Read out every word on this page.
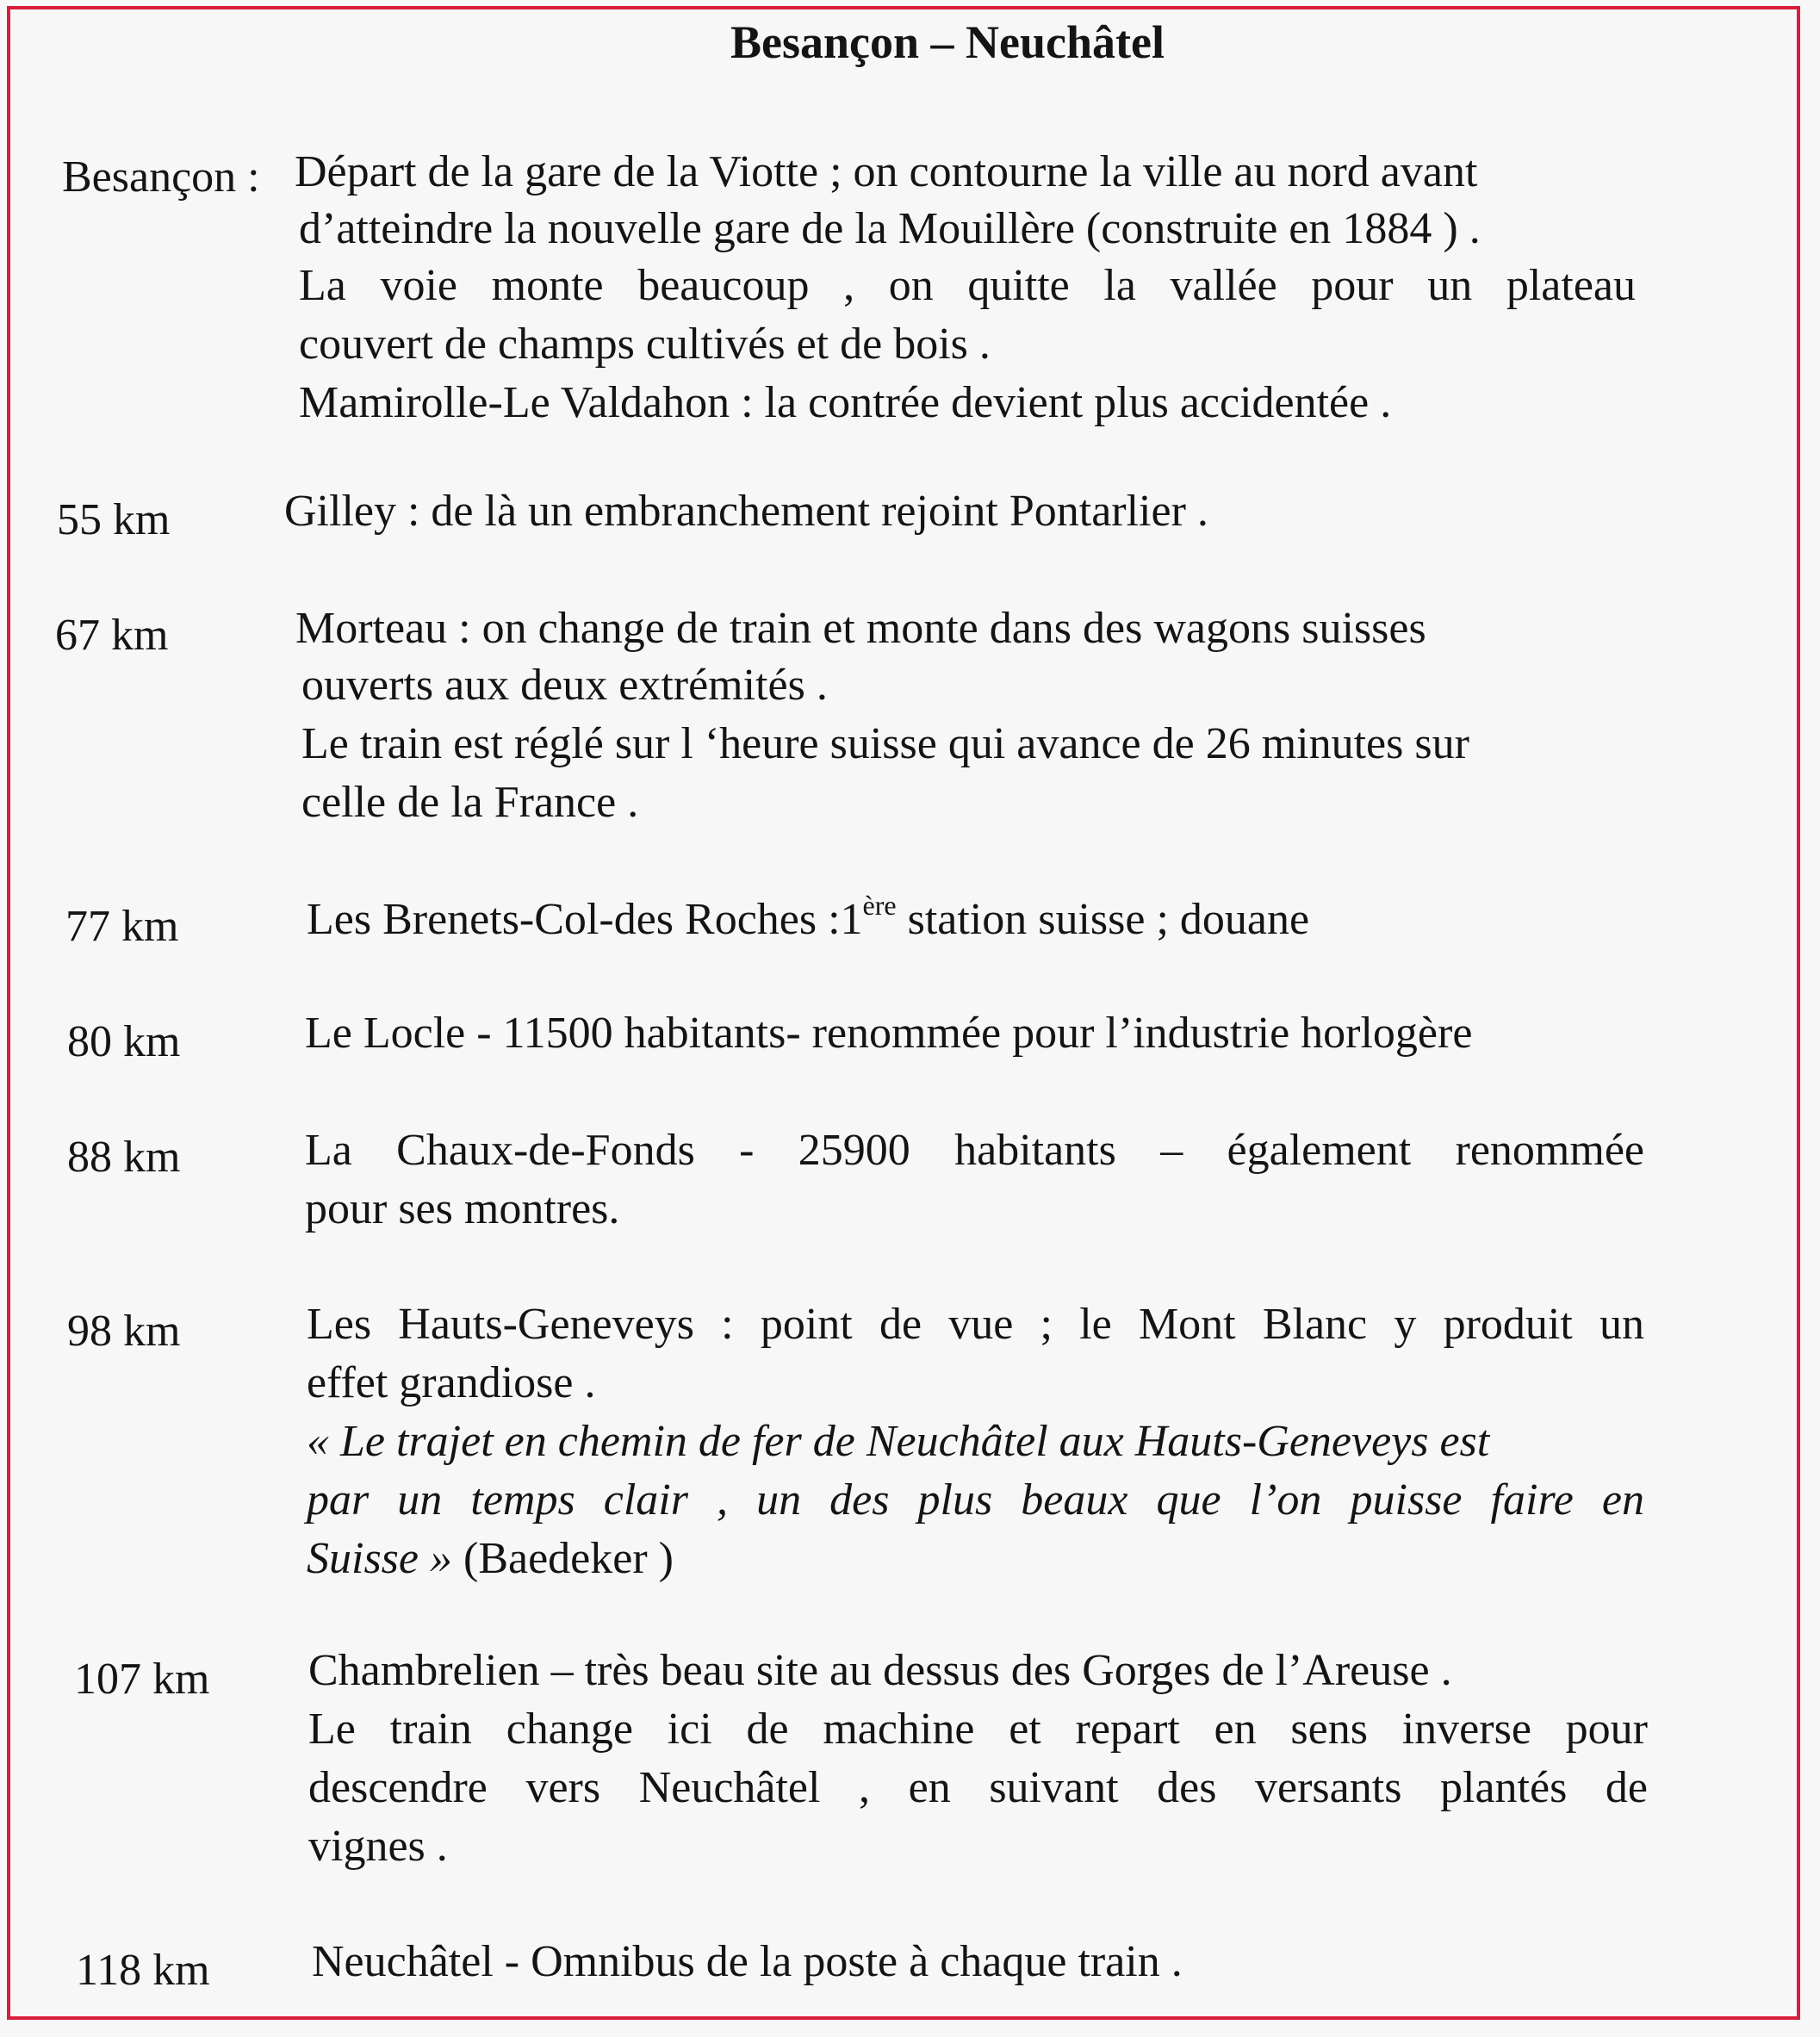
Besançon – Neuchâtel
Besançon : Départ de la gare de la Viotte ; on contourne la ville au nord avant
d’atteindre la nouvelle gare de la Mouillère (construite en 1884 ) .
La voie monte beaucoup , on quitte la vallée pour un plateau
couvert de champs cultivés et de bois .
Mamirolle-Le Valdahon : la contrée devient plus accidentée .
55 km	Gilley : de là un embranchement rejoint Pontarlier .
67 km	Morteau : on change de train et monte dans des wagons suisses
ouverts aux deux extrémités .
Le train est réglé sur l ‘heure suisse qui avance de 26 minutes sur
celle de la France .
77 km	Les Brenets-Col-des Roches :1ère station suisse ; douane
80 km	Le Locle - 11500 habitants- renommée pour l’industrie horlogère
88 km	La Chaux-de-Fonds - 25900 habitants – également renommée
pour ses montres.
98 km	Les Hauts-Geneveys : point de vue ; le Mont Blanc y produit un
effet grandiose .
« Le trajet en chemin de fer de Neuchâtel aux Hauts-Geneveys est
par un temps clair , un des plus beaux que l’on puisse faire en
Suisse » (Baedeker )
107 km Chambrelien – très beau site au dessus des Gorges de l’Areuse .
Le train change ici de machine et repart en sens inverse pour
descendre vers Neuchâtel , en suivant des versants plantés de
vignes .
118 km Neuchâtel - Omnibus de la poste à chaque train .
